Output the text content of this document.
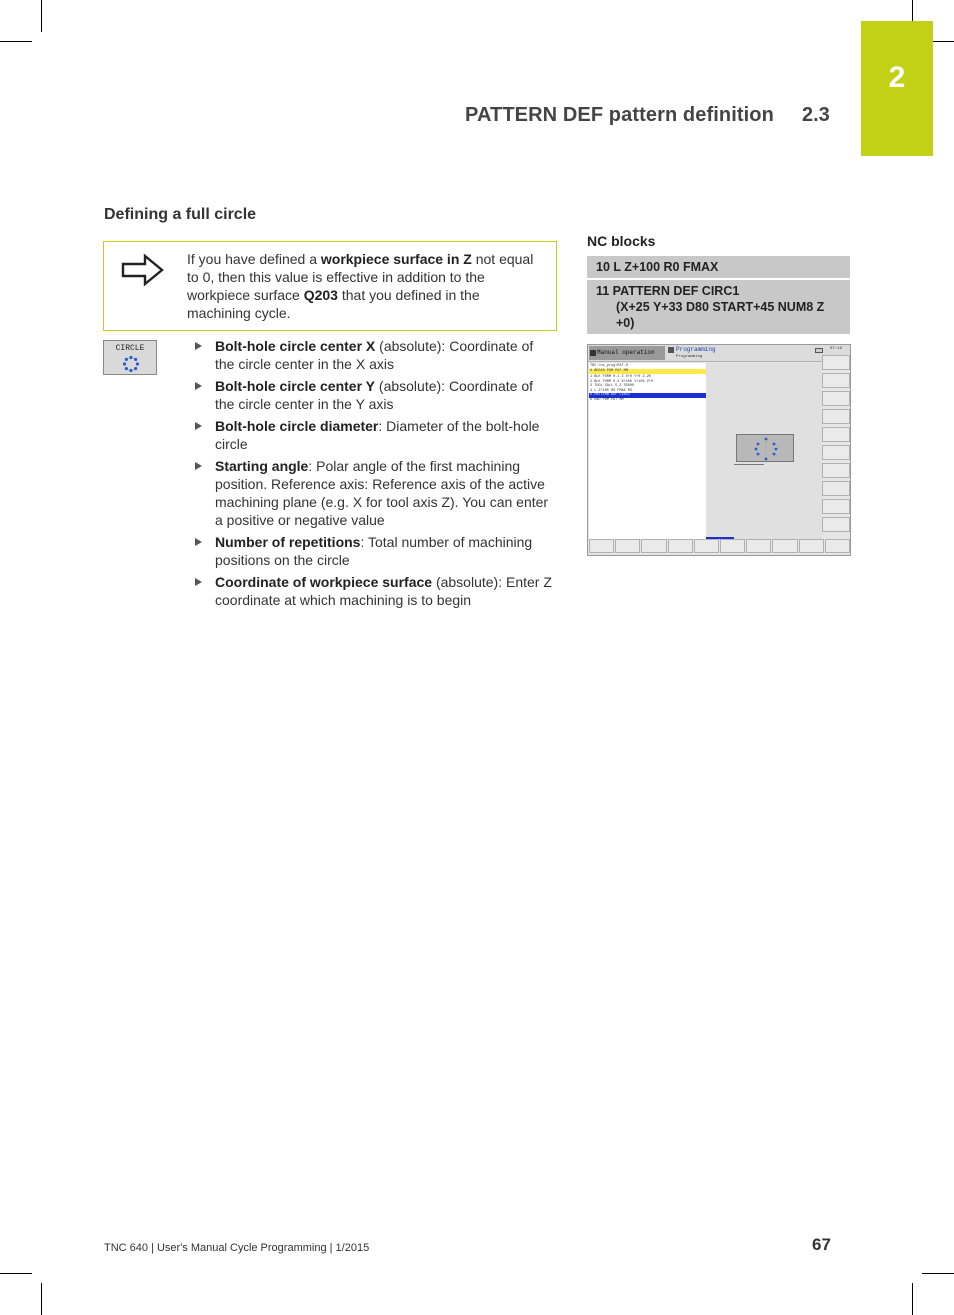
2
PATTERN DEF pattern definition 2.3
Defining a full circle
If you have defined a workpiece surface in Z not equal to 0, then this value is effective in addition to the workpiece surface Q203 that you defined in the machining cycle.
CIRCLE	Bolt-hole circle center X (absolute): Coordinate of the circle center in the X axis
Bolt-hole circle center Y (absolute): Coordinate of the circle center in the Y axis
Bolt-hole circle diameter: Diameter of the bolt-hole circle
Starting angle: Polar angle of the first machining position. Reference axis: Reference axis of the active machining plane (e.g. X for tool axis Z). You can enter a positive or negative value
Number of repetitions: Total number of machining positions on the circle
Coordinate of workpiece surface (absolute): Enter Z coordinate at which machining is to begin
NC blocks
10 L Z+100 R0 FMAX
11 PATTERN DEF CIRC1
(X+25 Y+33 D80 START+45 NUM8 Z +0)
Manual operation	Programming
Programming
07:19
TNC:\nc_prog\PAT.H
0 BEGIN PGM PAT MM
1 BLK FORM 0.1 Z X+0 Y+0 Z-20
2 BLK FORM 0.2 X+100 Y+100 Z+0
3 TOOL CALL 5 Z S5000
4 L Z+100 R0 FMAX M3
5 PATTERN DEF CIRC1
6 END PGM PAT MM
TNC 640 | User's Manual Cycle Programming | 1/2015	67
